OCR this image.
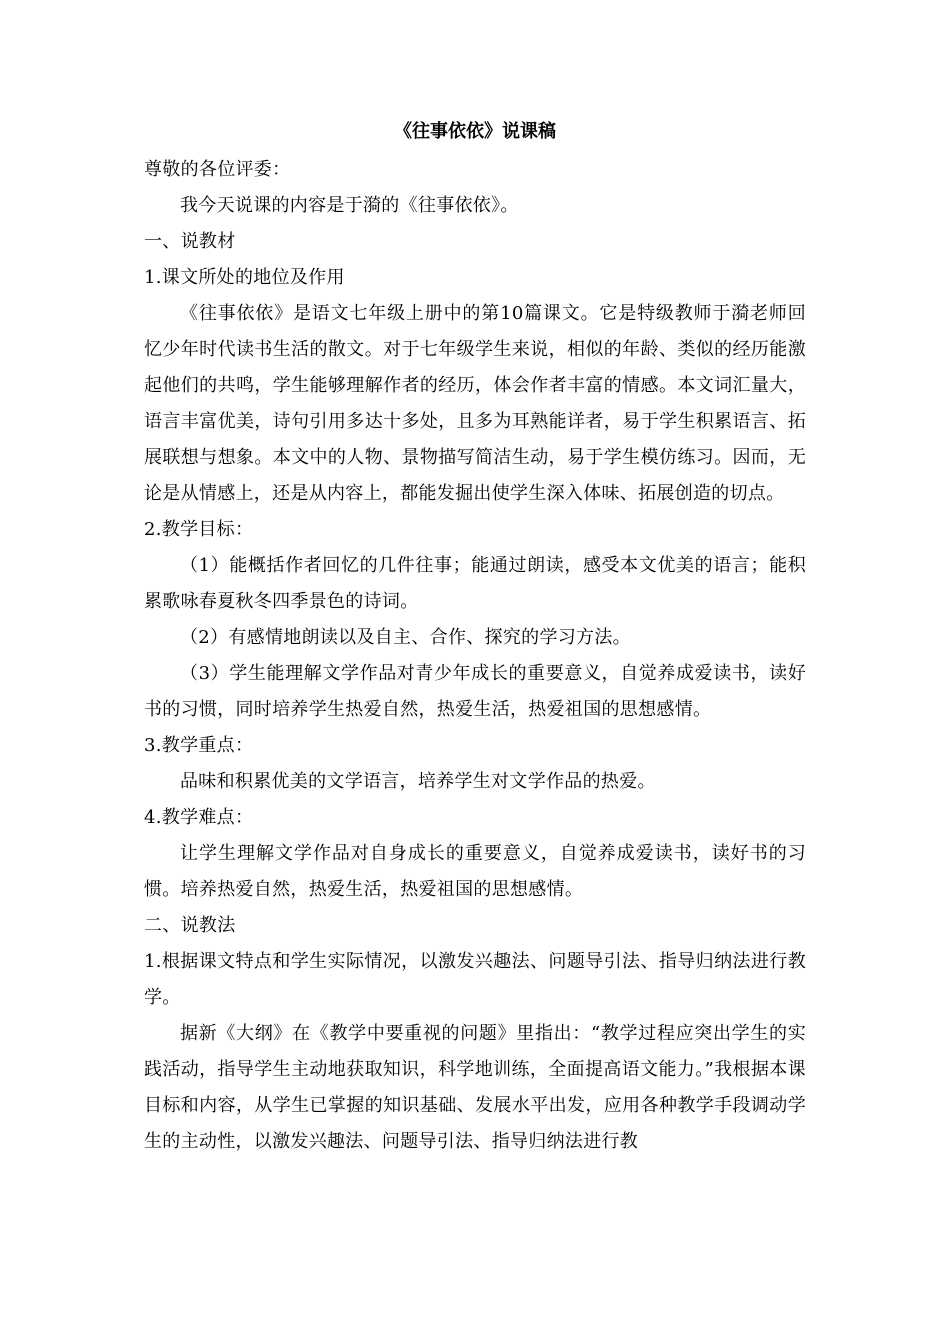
《往事依依》说课稿

尊敬的各位评委：

我今天说课的内容是于漪的《往事依依》。

一、说教材

1.课文所处的地位及作用

《往事依依》是语文七年级上册中的第10篇课文。它是特级教师于漪老师回忆少年时代读书生活的散文。对于七年级学生来说，相似的年龄、类似的经历能激起他们的共鸣，学生能够理解作者的经历，体会作者丰富的情感。本文词汇量大，语言丰富优美，诗句引用多达十多处，且多为耳熟能详者，易于学生积累语言、拓展联想与想象。本文中的人物、景物描写简洁生动，易于学生模仿练习。因而，无论是从情感上，还是从内容上，都能发掘出使学生深入体味、拓展创造的切点。

2.教学目标：

（1）能概括作者回忆的几件往事；能通过朗读，感受本文优美的语言；能积累歌咏春夏秋冬四季景色的诗词。

（2）有感情地朗读以及自主、合作、探究的学习方法。

（3）学生能理解文学作品对青少年成长的重要意义，自觉养成爱读书，读好书的习惯，同时培养学生热爱自然，热爱生活，热爱祖国的思想感情。

3.教学重点：

品味和积累优美的文学语言，培养学生对文学作品的热爱。

4.教学难点：

让学生理解文学作品对自身成长的重要意义，自觉养成爱读书，读好书的习惯。培养热爱自然，热爱生活，热爱祖国的思想感情。

二、说教法

1.根据课文特点和学生实际情况，以激发兴趣法、问题导引法、指导归纳法进行教学。

据新《大纲》在《教学中要重视的问题》里指出：“教学过程应突出学生的实践活动，指导学生主动地获取知识，科学地训练，全面提高语文能力。”我根据本课目标和内容，从学生已掌握的知识基础、发展水平出发，应用各种教学手段调动学生的主动性，以激发兴趣法、问题导引法、指导归纳法进行教
